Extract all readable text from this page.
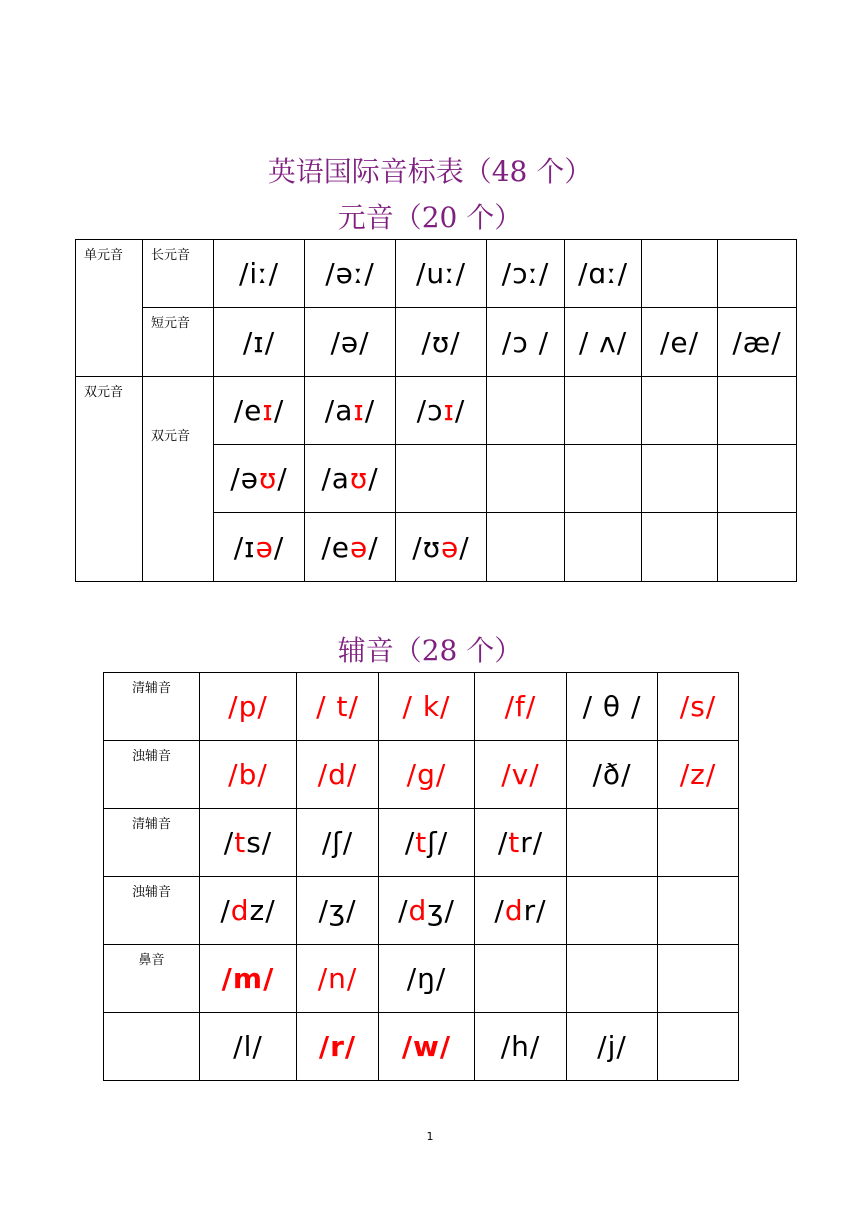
英语国际音标表（48 个）
元音（20 个）
单元音	长元音	/iː/	/əː/	/uː/	/ɔː/	/ɑː/		
	短元音	/ɪ/	/ə/	/ʊ/	/ɔ /	/ ʌ/	/e/	/æ/
双元音	双元音	/eɪ/	/aɪ/	/ɔɪ/				
		/əʊ/	/aʊ/					
		/ɪə/	/eə/	/ʊə/				
辅音（28 个）
清辅音	/p/	/ t/	/ k/	/f/	/ θ /	/s/
浊辅音	/b/	/d/	/g/	/v/	/ð/	/z/
清辅音	/ts/	/ʃ/	/tʃ/	/tr/		
浊辅音	/dz/	/ʒ/	/dʒ/	/dr/		
鼻音	/m/	/n/	/ŋ/			
	/l/	/r/	/w/	/h/	/j/	
1
